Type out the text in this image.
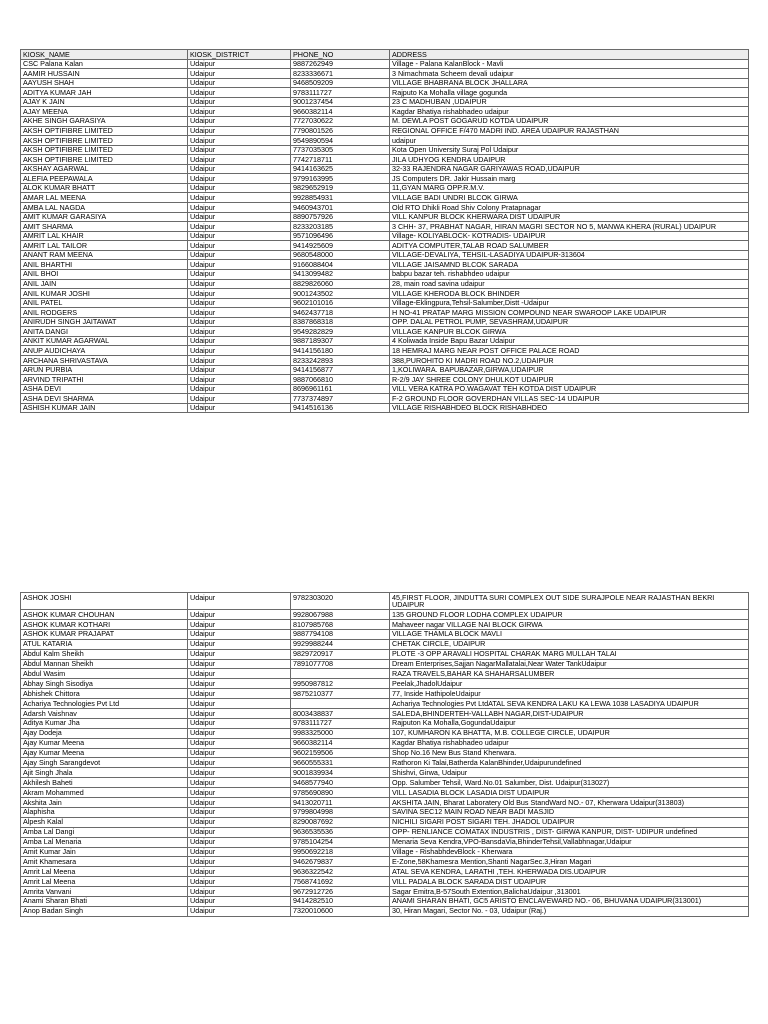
KIOSK_NAME	KIOSK_DISTRICT	PHONE_NO	ADDRESS
CSC Palana Kalan	Udaipur	9887262949	Village - Palana KalanBlock - Mavli
AAMIR HUSSAIN	Udaipur	8233336671	3 Nimachmata Scheem devali udaipur
AAYUSH SHAH	Udaipur	9468509209	VILLAGE BHABRANA BLOCK JHALLARA
ADITYA KUMAR JAH	Udaipur	9783111727	Rajputo Ka Mohalla village gogunda
AJAY K JAIN	Udaipur	9001237454	23 C MADHUBAN ,UDAIPUR
AJAY MEENA	Udaipur	9660382114	Kagdar Bhatiya rishabhadeo udaipur
AKHE SINGH GARASIYA	Udaipur	7727030622	M. DEWLA POST GOGARUD KOTDA UDAIPUR
AKSH OPTIFIBRE LIMITED	Udaipur	7790801526	REGIONAL OFFICE F/470 MADRI IND. AREA UDAIPUR RAJASTHAN
AKSH OPTIFIBRE LIMITED	Udaipur	9549890594	udaipur
AKSH OPTIFIBRE LIMITED	Udaipur	7737035305	Kota Open University Suraj Pol Udaipur
AKSH OPTIFIBRE LIMITED	Udaipur	7742718711	JILA UDHYOG KENDRA UDAIPUR
AKSHAY AGARWAL	Udaipur	9414163625	32-33 RAJENDRA NAGAR GARIYAWAS ROAD,UDAIPUR
ALEFIA PEEPAWALA	Udaipur	9799163995	JS Computers DR. Jakir Hussain marg
ALOK KUMAR BHATT	Udaipur	9829652919	11,GYAN MARG OPP.R.M.V.
AMAR LAL MEENA	Udaipur	9928854931	VILLAGE BADI UNDRI BLCOK GIRWA
AMBA LAL NAGDA	Udaipur	9460943701	Old RTO Dhikli Road Shiv Colony Pratapnagar
AMIT KUMAR GARASIYA	Udaipur	8890757926	VILL KANPUR BLOCK KHERWARA DIST UDAIPUR
AMIT SHARMA	Udaipur	8233203185	3 CHH- 37, PRABHAT NAGAR, HIRAN MAGRI SECTOR NO 5, MANWA KHERA (RURAL) UDAIPUR
AMRIT LAL KHAIR	Udaipur	9571096496	Village- KOLIYABLOCK- KOTRADIS- UDAIPUR
AMRIT LAL TAILOR	Udaipur	9414925609	ADITYA COMPUTER,TALAB ROAD SALUMBER
ANANT RAM MEENA	Udaipur	9680548000	VILLAGE-DEVALIYA, TEHSIL-LASADIYA UDAIPUR-313604
ANIL BHARTHI	Udaipur	9166088404	VILLAGE JAISAMND BLCOK SARADA
ANIL BHOI	Udaipur	9413099482	babpu bazar teh. rishabhdeo udaipur
ANIL JAIN	Udaipur	8829826060	28, main road savina udaipur
ANIL KUMAR JOSHI	Udaipur	9001243502	VILLAGE KHERODA BLOCK BHINDER
ANIL PATEL	Udaipur	9602101016	Village-Eklingpura,Tehsil-Salumber,Distt -Udaipur
ANIL RODGERS	Udaipur	9462437718	H NO-41 PRATAP MARG MISSION COMPOUND NEAR SWAROOP LAKE UDAIPUR
ANIRUDH SINGH JAITAWAT	Udaipur	8387868318	OPP. DALAL PETROL PUMP, SEVASHRAM,UDAIPUR
ANITA DANGI	Udaipur	9549282829	VILLAGE KANPUR BLCOK GIRWA
ANKIT KUMAR AGARWAL	Udaipur	9887189307	4 Koliwada Inside Bapu Bazar Udaipur
ANUP AUDICHAYA	Udaipur	9414156180	18 HEMRAJ MARG NEAR POST OFFICE PALACE ROAD
ARCHANA SHRIVASTAVA	Udaipur	8233242893	388,PUROHITO KI MADRI ROAD NO.2,UDAIPUR
ARUN PURBIA	Udaipur	9414156877	1,KOLIWARA. BAPUBAZAR,GIRWA,UDAIPUR
ARVIND TRIPATHI	Udaipur	9887066810	R-2/9 JAY SHREE COLONY DHULKOT UDAIPUR
ASHA DEVI	Udaipur	8696961161	VILL VERA KATRA PO.WAGAVAT TEH KOTDA DIST UDAIPUR
ASHA DEVI SHARMA	Udaipur	7737374897	F-2 GROUND FLOOR GOVERDHAN VILLAS SEC-14 UDAIPUR
ASHISH KUMAR JAIN	Udaipur	9414516136	VILLAGE RISHABHDEO BLOCK RISHABHDEO
ASHOK JOSHI	Udaipur	9782303020	45,FIRST FLOOR, JINDUTTA SURI COMPLEX OUT SIDE SURAJPOLE NEAR RAJASTHAN BEKRI UDAIPUR
ASHOK KUMAR CHOUHAN	Udaipur	9928067988	135 GROUND FLOOR LODHA COMPLEX UDAIPUR
ASHOK KUMAR KOTHARI	Udaipur	8107985768	Mahaveer nagar VILLAGE NAI BLOCK GIRWA
ASHOK KUMAR PRAJAPAT	Udaipur	9887794108	VILLAGE THAMLA BLOCK MAVLI
ATUL KATARIA	Udaipur	9929988244	CHETAK CIRCLE, UDAIPUR
Abdul Kalm Sheikh	Udaipur	9829720917	PLOTE -3 OPP ARAVALI HOSPITAL CHARAK MARG MULLAH TALAI
Abdul Mannan Sheikh	Udaipur	7891077708	Dream Enterprises,Sajjan NagarMallatalai,Near Water TankUdaipur
Abdul Wasim	Udaipur		RAZA TRAVELS,BAHAR KA SHAHARSALUMBER
Abhay Singh Sisodiya	Udaipur	9950987812	Peelak,JhadolUdaipur
Abhishek Chittora	Udaipur	9875210377	77, Inside HathipoleUdaipur
Achariya Technologies Pvt Ltd	Udaipur		Achariya Technologies Pvt LtdATAL SEVA KENDRA LAKU KA LEWA 1038 LASADIYA UDAIPUR
Adarsh Vaishnav	Udaipur	8003438837	SALEDA,BHINDERTEH-VALLABH NAGAR,DIST-UDAIPUR
Aditya Kumar Jha	Udaipur	9783111727	Rajputon Ka Mohalla,GogundaUdaipur
Ajay Dodeja	Udaipur	9983325000	107, KUMHARON KA BHATTA, M.B. COLLEGE CIRCLE, UDAIPUR
Ajay Kumar Meena	Udaipur	9660382114	Kagdar Bhatiya rishabhadeo udaipur
Ajay Kumar Meena	Udaipur	9602159506	Shop No.16 New Bus Stand Kherwara.
Ajay Singh Sarangdevot	Udaipur	9660555331	Rathoron Ki Talai,Batherda KalanBhinder,Udaipurundefined
Ajit Singh Jhala	Udaipur	9001839934	Shishvi, Girwa, Udaipur
Akhilesh Baheti	Udaipur	9468577940	Opp. Salumber Tehsil, Ward.No.01 Salumber, Dist. Udaipur(313027)
Akram Mohammed	Udaipur	9785690890	VILL LASADIA BLOCK LASADIA DIST UDAIPUR
Akshita Jain	Udaipur	9413020711	AKSHITA JAIN, Bharat Laboratery Old Bus StandWard NO.- 07, Kherwara Udaipur(313803)
Alaphisha	Udaipur	9799804998	SAVINA SEC12 MAIN ROAD NEAR BADI MASJID
Alpesh Kalal	Udaipur	8290087692	NICHILI SIGARI POST SIGARI TEH. JHADOL UDAIPUR
Amba Lal Dangi	Udaipur	9636535536	OPP- RENLIANCE COMATAX INDUSTRIS , DIST- GIRWA KANPUR, DIST- UDIPUR undefined
Amba Lal Menaria	Udaipur	9785104254	Menaria Seva Kendra,VPO-BansdaVia,BhinderTehsil,Vallabhnagar,Udaipur
Amit Kumar Jain	Udaipur	9950692218	Village - RishabhdevBlock - Kherwara
Amit Khamesara	Udaipur	9462679837	E-Zone,58Khamesra Mention,Shanti NagarSec.3,Hiran Magari
Amrit Lal Meena	Udaipur	9636322542	ATAL SEVA KENDRA, LARATHI ,TEH. KHERWADA DIS.UDAIPUR
Amrit Lal Meena	Udaipur	7568741692	VILL PADALA BLOCK SARADA DIST UDAIPUR
Amrita Vanvani	Udaipur	9672912726	Sagar Emitra,B-57South Extention,BalichaUdaipur ,313001
Anami Sharan Bhati	Udaipur	9414282510	ANAMI SHARAN BHATI, GC5 ARISTO ENCLAVEWARD NO.- 06, BHUVANA UDAIPUR(313001)
Anop Badan Singh	Udaipur	7320010600	30, Hiran Magari, Sector No. - 03, Udaipur (Raj.)
